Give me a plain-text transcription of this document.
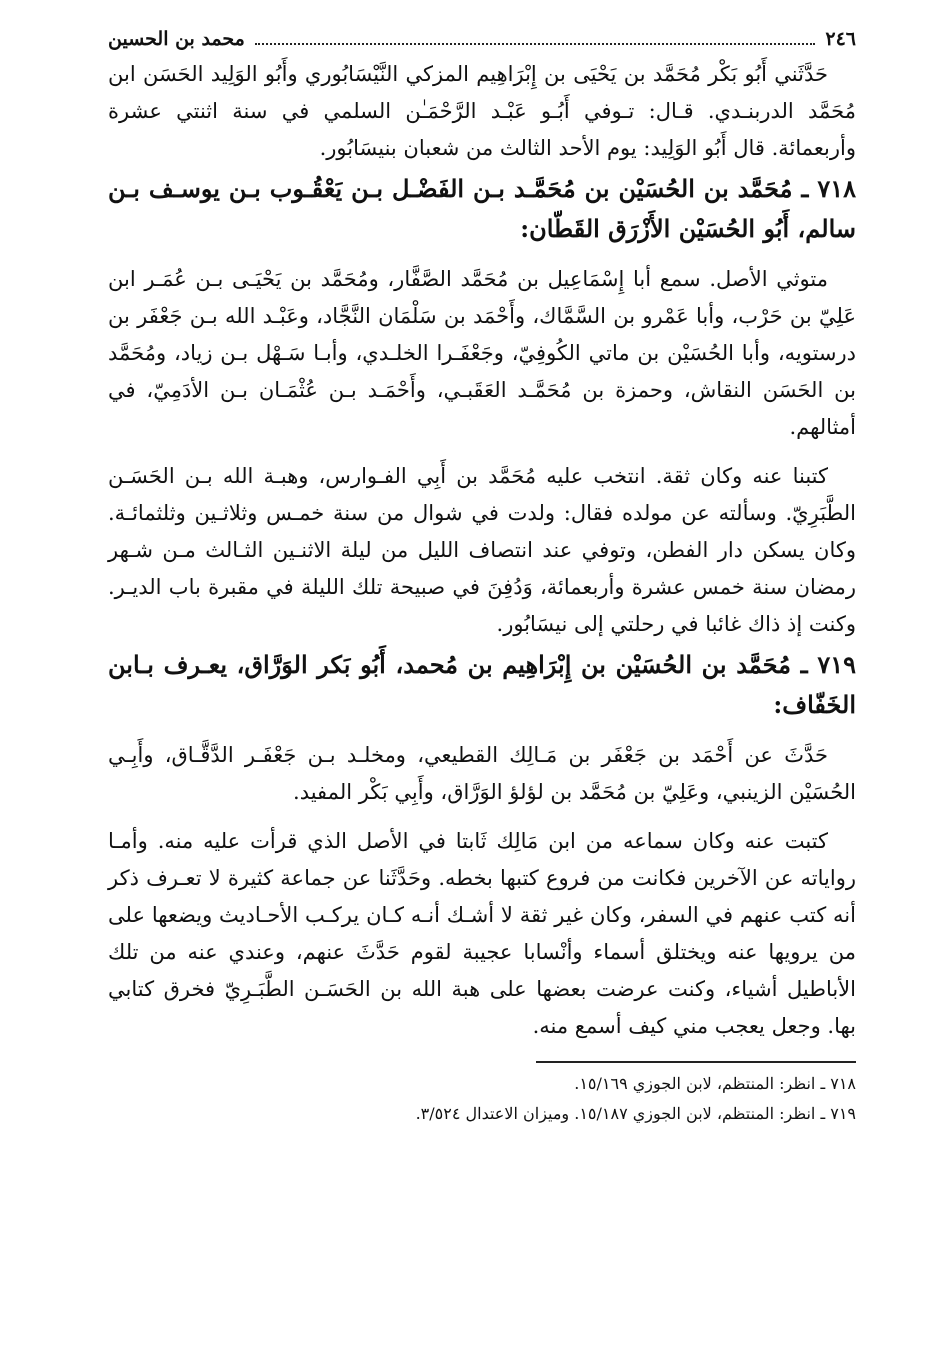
٢٤٦
محمد بن الحسين

حَدَّثَني أَبُو بَكْر مُحَمَّد بن يَحْيَى بن إِبْرَاهِيم المزكي النَّيْسَابُوري وأَبُو الوَلِيد الحَسَن ابن مُحَمَّد الدربنـدي. قـال: تـوفي أَبُـو عَبْـد الرَّحْمَـٰن السلمي في سنة اثنتي عشرة وأربعمائة. قال أَبُو الوَلِيد: يوم الأحد الثالث من شعبان بنيسَابُور.

٧١٨ ـ مُحَمَّد بن الحُسَيْن بن مُحَمَّـد بـن الفَضْـل بـن يَعْقُـوب بـن يوسـف بـن سالم، أَبُو الحُسَيْن الأَزْرَق القَطّان:

متوثي الأصل. سمع أبا إِسْمَاعِيل بن مُحَمَّد الصَّفَّار، ومُحَمَّد بن يَحْيَـى بـن عُمَـر ابن عَلِيّ بن حَرْب، وأبا عَمْرو بن السَّمَّاك، وأَحْمَد بن سَلْمَان النَّجَّاد، وعَبْـد الله بـن جَعْفَر بن درستويه، وأبا الحُسَيْن بن ماتي الكُوفِيّ، وجَعْفَـرا الخلـدي، وأبـا سَـهْل بـن زياد، ومُحَمَّد بن الحَسَن النقاش، وحمزة بن مُحَمَّـد العَقَبـي، وأَحْمَـد بـن عُثْمَـان بـن الأدَمِيّ، في أمثالهم.

كتبنا عنه وكان ثقة. انتخب عليه مُحَمَّد بن أَبِي الفـوارس، وهبـة الله بـن الحَسَـن الطَّبَرِيّ. وسألته عن مولده فقال: ولدت في شوال من سنة خمـس وثلاثـين وثلثمائـة. وكان يسكن دار الفطن، وتوفي عند انتصاف الليل من ليلة الاثنـين الثـالث مـن شـهر رمضان سنة خمس عشرة وأربعمائة، وَدُفِنَ في صبيحة تلك الليلة في مقبرة باب الديـر. وكنت إذ ذاك غائبا في رحلتي إلى نيسَابُور.

٧١٩ ـ مُحَمَّد بن الحُسَيْن بن إِبْرَاهِيم بن مُحمد، أَبُو بَكر الوَرَّاق، يعـرف بـابن الخَفّاف:

حَدَّثَ عن أَحْمَد بن جَعْفَر بن مَـالِك القطيعي، ومخلـد بـن جَعْفَـر الدَّقَّـاق، وأَبِـي الحُسَيْن الزينبي، وعَلِيّ بن مُحَمَّد بن لؤلؤ الوَرَّاق، وأَبِي بَكْر المفيد.

كتبت عنه وكان سماعه من ابن مَالِك ثَابتا في الأصل الذي قرأت عليه منه. وأمـا رواياته عن الآخرين فكانت من فروع كتبها بخطه. وحَدَّثَنا عن جماعة كثيرة لا تعـرف ذكر أنه كتب عنهم في السفر، وكان غير ثقة لا أشـك أنـه كـان يركـب الأحـاديث ويضعها على من يرويها عنه ويختلق أسماء وأنْسابا عجيبة لقوم حَدَّثَ عنهم، وعندي عنه من تلك الأباطيل أشياء، وكنت عرضت بعضها على هبة الله بن الحَسَـن الطَّبَـرِيّ فخرق كتابي بها. وجعل يعجب مني كيف أسمع منه.

٧١٨ ـ انظر: المنتظم، لابن الجوزي ١٥/١٦٩.

٧١٩ ـ انظر: المنتظم، لابن الجوزي ١٥/١٨٧. وميزان الاعتدال ٣/٥٢٤.
